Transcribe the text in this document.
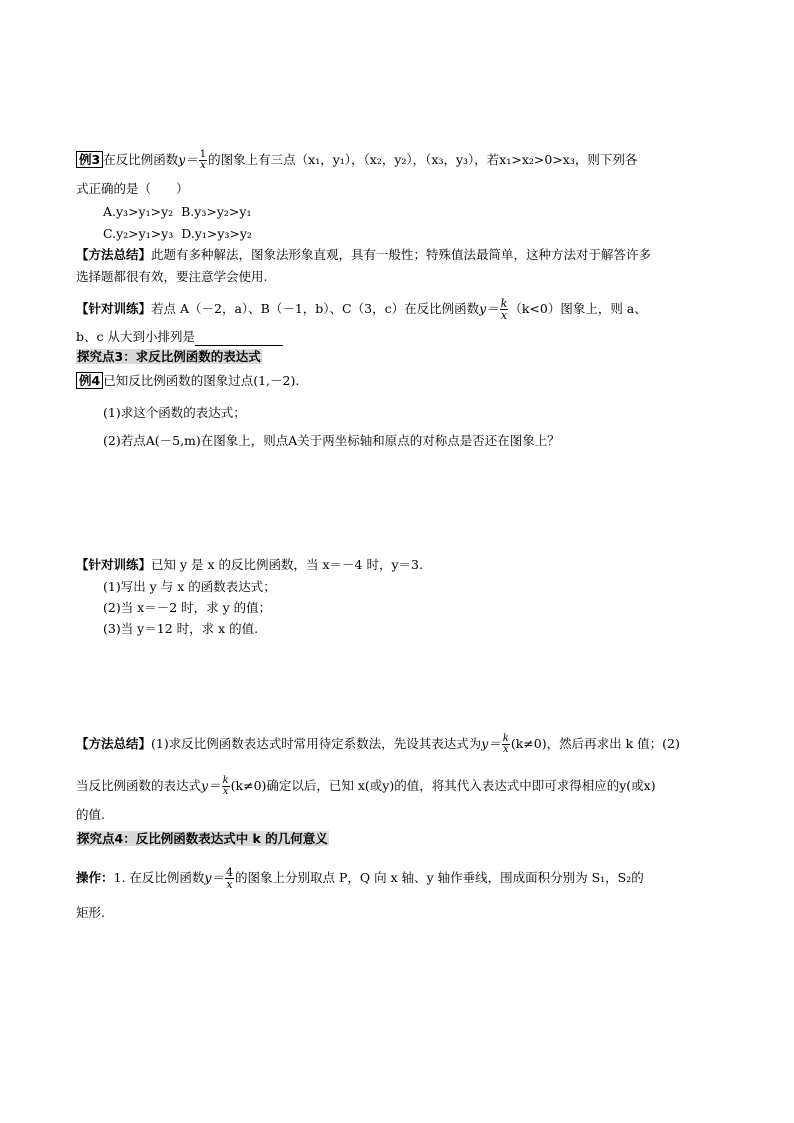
例3 在反比例函数$y= \frac{1}{x}$ 的图象上有三点（x₁，y₁），（x₂，y₂），（x₃，y₃），若x₁>x₂>0>x₃，则下列各
式正确的是（　　）
A.y₃>y₁>y₂ B.y₃>y₂>y₁
C.y₂>y₁>y₃ D.y₁>y₃>y₂
【方法总结】此题有多种解法，图象法形象直观，具有一般性；特殊值法最简单，这种方法对于解答许多
选择题都很有效，要注意学会使用.
【针对训练】若点 A（－2，a）、B（－1，b）、C（3，c）在反比例函数$y= \frac{k}{x} (k<0)$图象上，则 a、
b、c 从大到小排列是
探究点3：求反比例函数的表达式
例4 已知反比例函数的图象过点(1,－2).
(1)求这个函数的表达式；
(2)若点A(－5,m)在图象上，则点A关于两坐标轴和原点的对称点是否还在图象上？
【针对训练】已知 y 是 x 的反比例函数，当 x＝－4 时，y＝3.
(1)写出 y 与 x 的函数表达式；
(2)当 x＝－2 时，求 y 的值；
(3)当 y＝12 时，求 x 的值.
【方法总结】(1)求反比例函数表达式时常用待定系数法，先设其表达式为$y= \frac{k}{x} (k\ne 0)$，然后再求出 k 值；(2)
当反比例函数的表达式$y= \frac{k}{x} (k\ne 0)$确定以后，已知 x(或y)的值，将其代入表达式中即可求得相应的y(或x)
的值.
探究点4：反比例函数表达式中 k 的几何意义
操作：1. 在反比例函数$y= \frac{4}{x}$ 的图象上分别取点 P，Q 向 x 轴、y 轴作垂线，围成面积分别为 S₁，S₂的
矩形.
